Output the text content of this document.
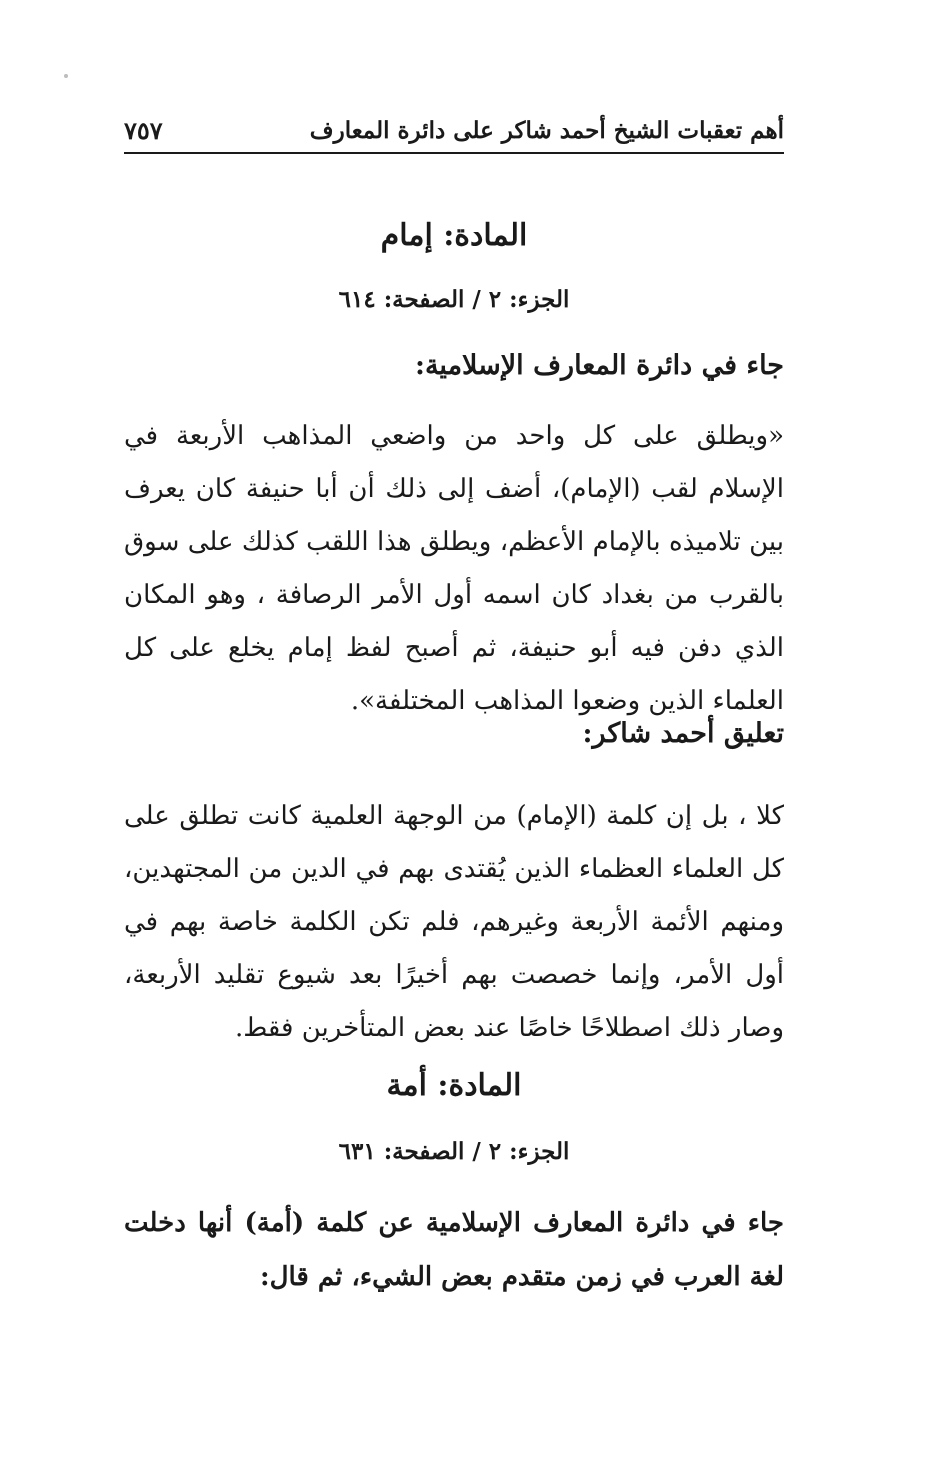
أهم تعقبات الشيخ أحمد شاكر على دائرة المعارف
٧٥٧
المادة: إمام
الجزء: ٢ / الصفحة: ٦١٤
جاء في دائرة المعارف الإسلامية:
«ويطلق على كل واحد من واضعي المذاهب الأربعة في الإسلام لقب (الإمام)، أضف إلى ذلك أن أبا حنيفة كان يعرف بين تلاميذه بالإمام الأعظم، ويطلق هذا اللقب كذلك على سوق بالقرب من بغداد كان اسمه أول الأمر الرصافة ، وهو المكان الذي دفن فيه أبو حنيفة، ثم أصبح لفظ إمام يخلع على كل العلماء الذين وضعوا المذاهب المختلفة».
تعليق أحمد شاكر:
كلا ، بل إن كلمة (الإمام) من الوجهة العلمية كانت تطلق على كل العلماء العظماء الذين يُقتدى بهم في الدين من المجتهدين، ومنهم الأئمة الأربعة وغيرهم، فلم تكن الكلمة خاصة بهم في أول الأمر، وإنما خصصت بهم أخيرًا بعد شيوع تقليد الأربعة، وصار ذلك اصطلاحًا خاصًا عند بعض المتأخرين فقط.
المادة: أمة
الجزء: ٢ / الصفحة: ٦٣١
جاء في دائرة المعارف الإسلامية عن كلمة (أمة) أنها دخلت لغة العرب في زمن متقدم بعض الشيء، ثم قال:
